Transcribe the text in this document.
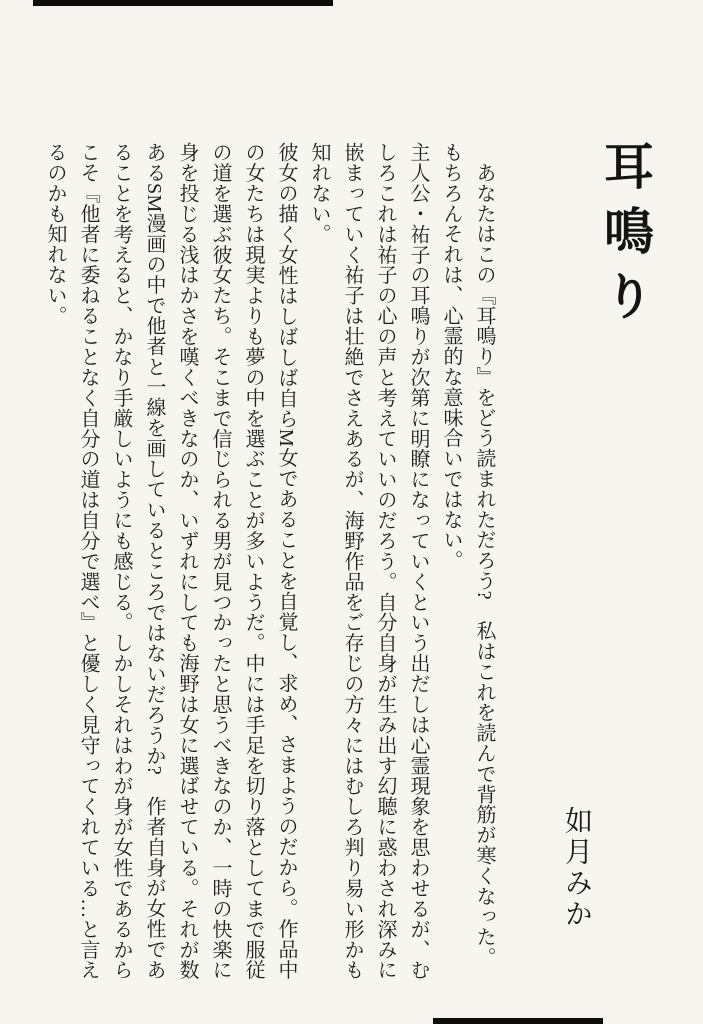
耳鳴り
如月みか

　あなたはこの『耳鳴り』をどう読まれただろう?　私はこれを読んで背筋が寒くなった。

もちろんそれは、心霊的な意味合いではない。

主人公・祐子の耳鳴りが次第に明瞭になっていくという出だしは心霊現象を思わせるが、むしろこれは祐子の心の声と考えていいのだろう。自分自身が生み出す幻聴に惑わされ深みに嵌まっていく祐子は壮絶でさえあるが、海野作品をご存じの方々にはむしろ判り易い形かも知れない。

彼女の描く女性はしばしば自らM女であることを自覚し、求め、さまようのだから。作品中の女たちは現実よりも夢の中を選ぶことが多いようだ。中には手足を切り落としてまで服従の道を選ぶ彼女たち。そこまで信じられる男が見つかったと思うべきなのか、一時の快楽に身を投じる浅はかさを嘆くべきなのか、いずれにしても海野は女に選ばせている。それが数あるSM漫画の中で他者と一線を画しているところではないだろうか?　作者自身が女性であることを考えると、かなり手厳しいようにも感じる。しかしそれはわが身が女性であるからこそ『他者に委ねることなく自分の道は自分で選べ』と優しく見守ってくれている…と言えるのかも知れない。
